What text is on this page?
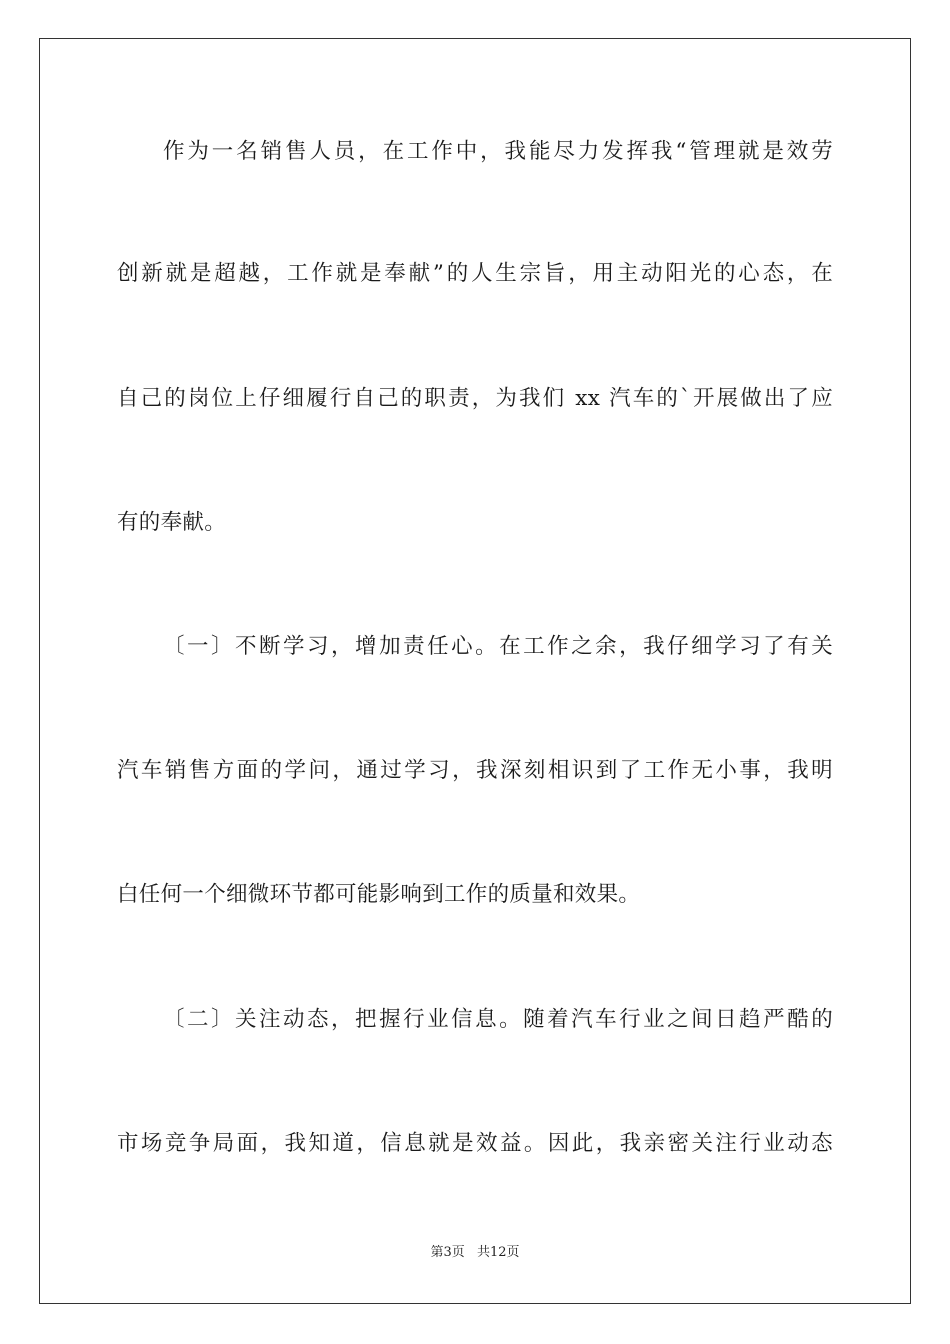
作为一名销售人员，在工作中，我能尽力发挥我“管理就是效劳
创新就是超越，工作就是奉献”的人生宗旨，用主动阳光的心态，在
自己的岗位上仔细履行自己的职责，为我们 xx 汽车的`开展做出了应
有的奉献。
〔一〕不断学习，增加责任心。在工作之余，我仔细学习了有关
汽车销售方面的学问，通过学习，我深刻相识到了工作无小事，我明
白任何一个细微环节都可能影响到工作的质量和效果。
〔二〕关注动态，把握行业信息。随着汽车行业之间日趋严酷的
市场竞争局面，我知道，信息就是效益。因此，我亲密关注行业动态
第3页 共12页
